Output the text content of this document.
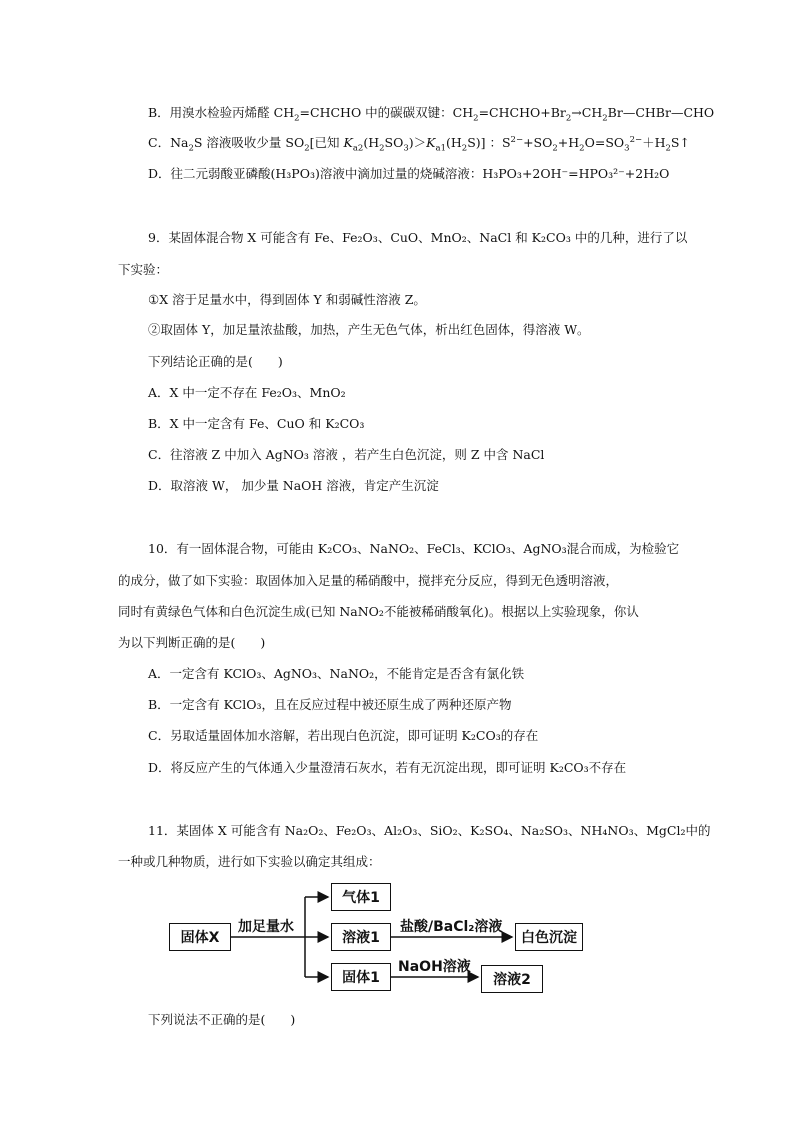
B．用溴水检验丙烯醛 $CH_2=CHCHO$ 中的碳碳双键：$CH_2=CHCHO+Br_2\to CH_2Br—CHBr—CHO$
C．$Na_2S$ 溶液吸收少量 $SO_2$[已知 $K_{a2}(H_2SO_3)>K_{a1}(H_2S)$] ：$S^{2-}+SO_2+H_2O=SO_3^{2-}+H_2S↑$
D．往二元弱酸亚磷酸(H₃PO₃)溶液中滴加过量的烧碱溶液：H₃PO₃+2OH⁻=HPO₃²⁻+2H₂O
9．某固体混合物 X 可能含有 Fe、Fe₂O₃、CuO、MnO₂、NaCl 和 K₂CO₃ 中的几种，进行了以
下实验：
①X 溶于足量水中，得到固体 Y 和弱碱性溶液 Z。
②取固体 Y，加足量浓盐酸，加热，产生无色气体，析出红色固体，得溶液 W。
下列结论正确的是(　　)
A．X 中一定不存在 Fe₂O₃、MnO₂
B．X 中一定含有 Fe、CuO 和 K₂CO₃
C．往溶液 Z 中加入 AgNO₃ 溶液 ，若产生白色沉淀，则 Z 中含 NaCl
D．取溶液 W， 加少量 NaOH 溶液，肯定产生沉淀
10．有一固体混合物，可能由 K₂CO₃、NaNO₂、FeCl₃、KClO₃、AgNO₃混合而成，为检验它
的成分，做了如下实验：取固体加入足量的稀硝酸中，搅拌充分反应，得到无色透明溶液，
同时有黄绿色气体和白色沉淀生成(已知 NaNO₂不能被稀硝酸氧化)。根据以上实验现象，你认
为以下判断正确的是(　　)
A．一定含有 KClO₃、AgNO₃、NaNO₂，不能肯定是否含有氯化铁
B．一定含有 KClO₃，且在反应过程中被还原生成了两种还原产物
C．另取适量固体加水溶解，若出现白色沉淀，即可证明 K₂CO₃的存在
D．将反应产生的气体通入少量澄清石灰水，若有无沉淀出现，即可证明 K₂CO₃不存在
11．某固体 X 可能含有 Na₂O₂、Fe₂O₃、Al₂O₃、SiO₂、K₂SO₄、Na₂SO₃、NH₄NO₃、MgCl₂中的
一种或几种物质，进行如下实验以确定其组成：
固体X
加足量水
气体1
溶液1
盐酸/BaCl₂溶液
白色沉淀
固体1
NaOH溶液
溶液2
下列说法不正确的是(　　)
